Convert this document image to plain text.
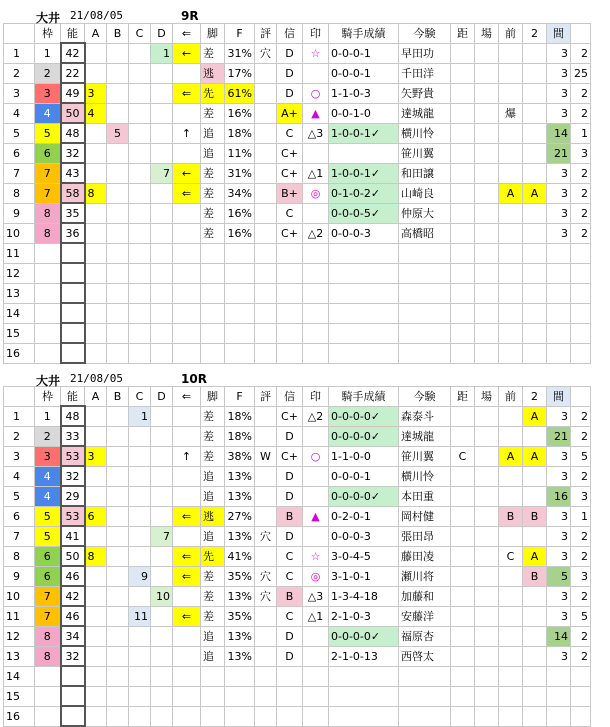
大井 21/08/05	9R
	枠	能	A	B	C	D	⇐	脚	F	評	信	印	騎手成績	今験	距	場	前	2	間	
1	1	42				1	←	差	31%	穴	D	☆	0-0-0-1	早田功					3	2
2	2	22						逃	17%		D		0-0-0-1	千田洋					3	25
3	3	49	3				⇐	先	61%		D	○	1-1-0-3	矢野貴					3	2
4	4	50	4					差	16%		A+	▲	0-0-1-0	達城龍			爆		3	2
5	5	48		5			↑	追	18%		C	△3	1-0-0-1✓	横川怜					14	1
6	6	32						追	11%		C+			笹川翼					21	3
7	7	43				7	←	差	31%		C+	△1	1-0-0-1✓	和田譲					3	2
8	7	58	8				⇐	差	34%		B+	◎	0-1-0-2✓	山崎良			A	A	3	2
9	8	35						差	16%		C		0-0-0-5✓	仲原大					3	2
10	8	36						差	16%		C+	△2	0-0-0-3	高橋昭					3	2
11																				
12																				
13																				
14																				
15																				
16																				
大井 21/08/05	10R
	枠	能	A	B	C	D	⇐	脚	F	評	信	印	騎手成績	今験	距	場	前	2	間	
1	1	48			1			差	18%		C+	△2	0-0-0-0✓	森泰斗				A	3	2
2	2	33						差	18%		D		0-0-0-0✓	達城龍					21	2
3	3	53	3				↑	差	38%	W	C+	○	1-1-0-0	笹川翼	C		A	A	3	5
4	4	32						追	13%		D		0-0-0-1	横川怜					3	2
5	4	29						追	13%		D		0-0-0-0✓	本田重					16	3
6	5	53	6				⇐	逃	27%		B	▲	0-2-0-1	岡村健			B	B	3	1
7	5	41				7		追	13%	穴	D		0-0-0-3	張田昂					3	2
8	6	50	8				⇐	先	41%		C	☆	3-0-4-5	藤田凌			C	A	3	2
9	6	46			9		⇐	差	35%	穴	C	◎	3-1-0-1	瀬川将				B	5	3
10	7	42				10		差	13%	穴	B	△3	1-3-4-18	加藤和					3	2
11	7	46			11		⇐	差	35%		C	△1	2-1-0-3	安藤洋					3	5
12	8	34						追	13%		D		0-0-0-0✓	福原杏					14	2
13	8	32						追	13%		D		2-1-0-13	西啓太					3	2
14																				
15																				
16																				
